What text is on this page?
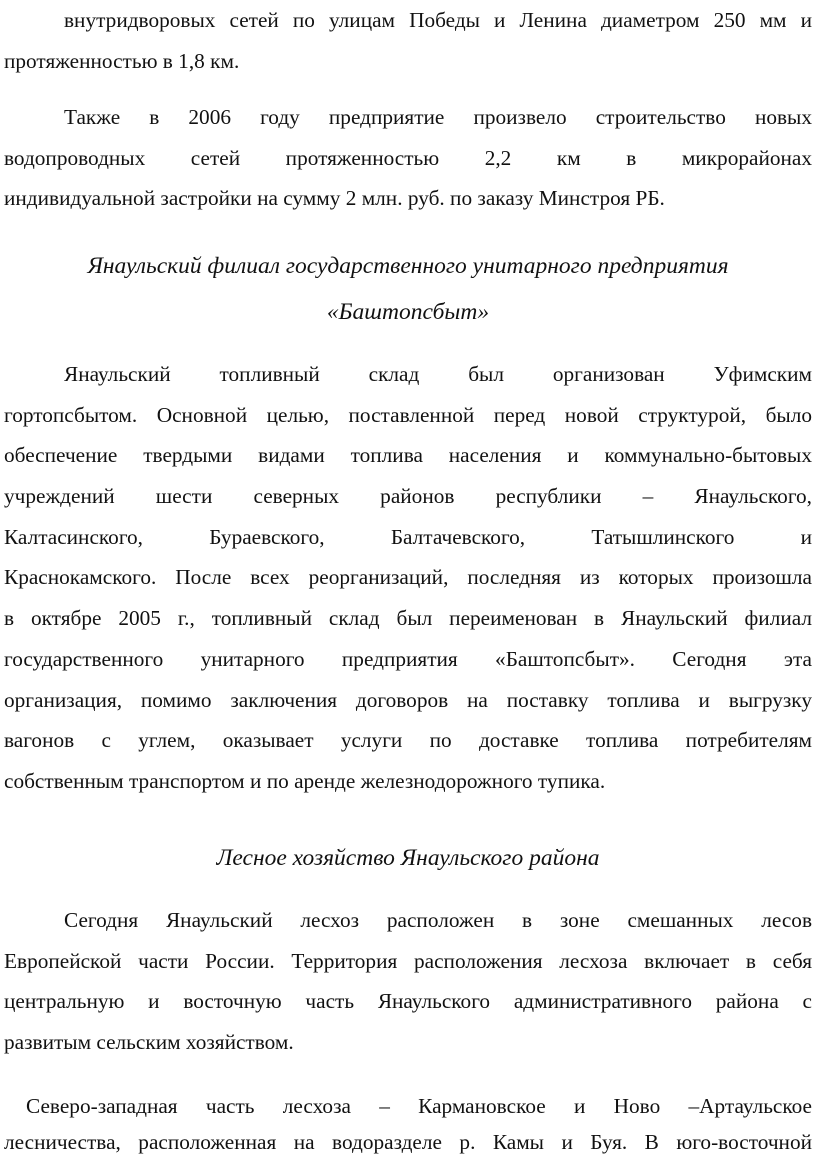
внутридворовых сетей по улицам Победы и Ленина диаметром 250 мм и
протяженностью в 1,8 км.
Также в 2006 году предприятие произвело строительство новых
водопроводных сетей протяженностью 2,2 км в микрорайонах
индивидуальной застройки на сумму 2 млн. руб. по заказу Минстроя РБ.
Янаульский филиал государственного унитарного предприятия
«Баштопсбыт»
Янаульский топливный склад был организован Уфимским
гортопсбытом. Основной целью, поставленной перед новой структурой, было
обеспечение твердыми видами топлива населения и коммунально-бытовых
учреждений шести северных районов республики – Янаульского,
Калтасинского, Бураевского, Балтачевского, Татышлинского и
Краснокамского. После всех реорганизаций, последняя из которых произошла
в октябре 2005 г., топливный склад был переименован в Янаульский филиал
государственного унитарного предприятия «Баштопсбыт». Сегодня эта
организация, помимо заключения договоров на поставку топлива и выгрузку
вагонов с углем, оказывает услуги по доставке топлива потребителям
собственным транспортом и по аренде железнодорожного тупика.
Лесное хозяйство Янаульского района
Сегодня Янаульский лесхоз расположен в зоне смешанных лесов
Европейской части России. Территория расположения лесхоза включает в себя
центральную и восточную часть Янаульского административного района с
развитым сельским хозяйством.
Северо-западная часть лесхоза – Кармановское и Ново –Артаульское
лесничества, расположенная на водоразделе р. Камы и Буя. В юго-восточной
